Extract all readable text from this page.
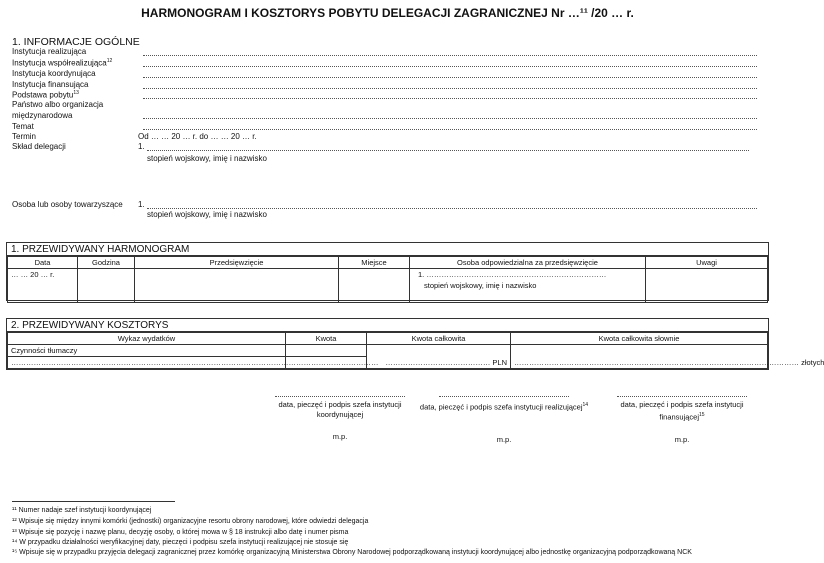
HARMONOGRAM I KOSZTORYS POBYTU DELEGACJI ZAGRANICZNEJ Nr …¹¹ /20 … r.
1. INFORMACJE OGÓLNE
Instytucja realizująca
Instytucja współrealizująca$^{12}$
Instytucja koordynująca
Instytucja finansująca
Podstawa pobytu$^{13}$
Państwo albo organizacja
międzynarodowa
Temat
Termin	Od … … 20 … r. do … … 20 … r.
Skład delegacji	1.
stopień wojskowy, imię i nazwisko
Osoba lub osoby towarzyszące 1.
stopień wojskowy, imię i nazwisko
1. PRZEWIDYWANY HARMONOGRAM
Data	Godzina	Przedsięwzięcie	Miejsce	Osoba odpowiedzialna za przedsięwzięcie	Uwagi
… … 20 … r.				1. ………………………………………………………………
stopień wojskowy, imię i nazwisko	

2. PRZEWIDYWANY KOSZTORYS
Wykaz wydatków	Kwota	Kwota całkowita	Kwota całkowita słownie
Czynności tłumaczy			
…………………………………………………………………………………………………………………………………		…………………………………… PLN	…………………………………………………………………………………………………… złotych
data, pieczęć i podpis szefa instytucji
koordynującej
m.p.
data, pieczęć i podpis szefa instytucji realizującej$^{14}$
m.p.
data, pieczęć i podpis szefa instytucji
finansującej$^{15}$
m.p.
¹¹ Numer nadaje szef instytucji koordynującej
¹² Wpisuje się między innymi komórki (jednostki) organizacyjne resortu obrony narodowej, które odwiedzi delegacja
¹³ Wpisuje się pozycję i nazwę planu, decyzję osoby, o której mowa w § 18 instrukcji albo datę i numer pisma
¹⁴ W przypadku działalności weryfikacyjnej daty, pieczęci i podpisu szefa instytucji realizującej nie stosuje się
¹⁵ Wpisuje się w przypadku przyjęcia delegacji zagranicznej przez komórkę organizacyjną Ministerstwa Obrony Narodowej podporządkowaną instytucji koordynującej albo jednostkę organizacyjną podporządkowaną NCK
